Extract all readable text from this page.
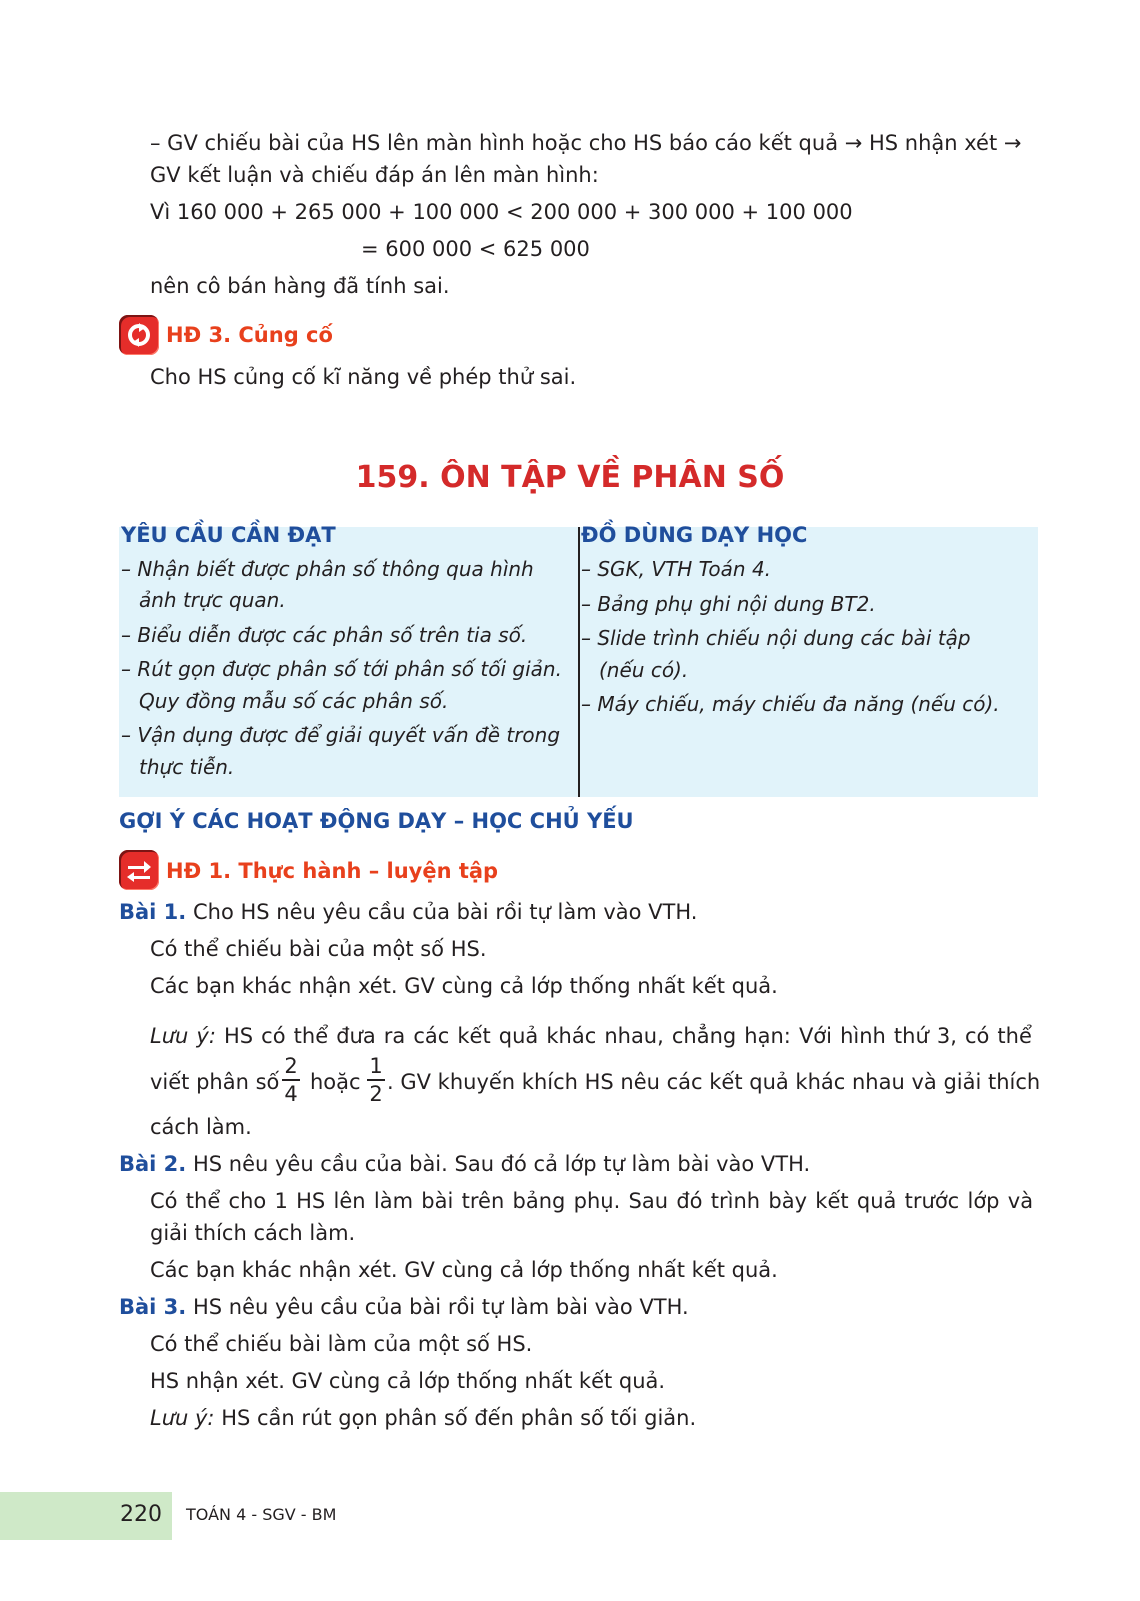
– GV chiếu bài của HS lên màn hình hoặc cho HS báo cáo kết quả → HS nhận xét →

GV kết luận và chiếu đáp án lên màn hình:

Vì 160 000 + 265 000 + 100 000 < 200 000 + 300 000 + 100 000

= 600 000 < 625 000

nên cô bán hàng đã tính sai.

HĐ 3. Củng cố

Cho HS củng cố kĩ năng về phép thử sai.

159. ÔN TẬP VỀ PHÂN SỐ
YÊU CẦU CẦN ĐẠT
– Nhận biết được phân số thông qua hình
ảnh trực quan.
– Biểu diễn được các phân số trên tia số.
– Rút gọn được phân số tới phân số tối giản.
Quy đồng mẫu số các phân số.
– Vận dụng được để giải quyết vấn đề trong
thực tiễn.
ĐỒ DÙNG DẠY HỌC
– SGK, VTH Toán 4.
– Bảng phụ ghi nội dung BT2.
– Slide trình chiếu nội dung các bài tập
(nếu có).
– Máy chiếu, máy chiếu đa năng (nếu có).
GỢI Ý CÁC HOẠT ĐỘNG DẠY – HỌC CHỦ YẾU
HĐ 1. Thực hành – luyện tập

Bài 1. Cho HS nêu yêu cầu của bài rồi tự làm vào VTH.

Có thể chiếu bài của một số HS.

Các bạn khác nhận xét. GV cùng cả lớp thống nhất kết quả.

Lưu ý: HS có thể đưa ra các kết quả khác nhau, chẳng hạn: Với hình thứ 3, có thể

viết phân số

2
4 hoặc

1
2 . GV khuyến khích HS nêu các kết quả khác nhau và giải thích

cách làm.

Bài 2. HS nêu yêu cầu của bài. Sau đó cả lớp tự làm bài vào VTH.

Có thể cho 1 HS lên làm bài trên bảng phụ. Sau đó trình bày kết quả trước lớp và

giải thích cách làm.

Các bạn khác nhận xét. GV cùng cả lớp thống nhất kết quả.

Bài 3. HS nêu yêu cầu của bài rồi tự làm bài vào VTH.

Có thể chiếu bài làm của một số HS.

HS nhận xét. GV cùng cả lớp thống nhất kết quả.

Lưu ý: HS cần rút gọn phân số đến phân số tối giản.

220 TOÁN 4 - SGV - BM
